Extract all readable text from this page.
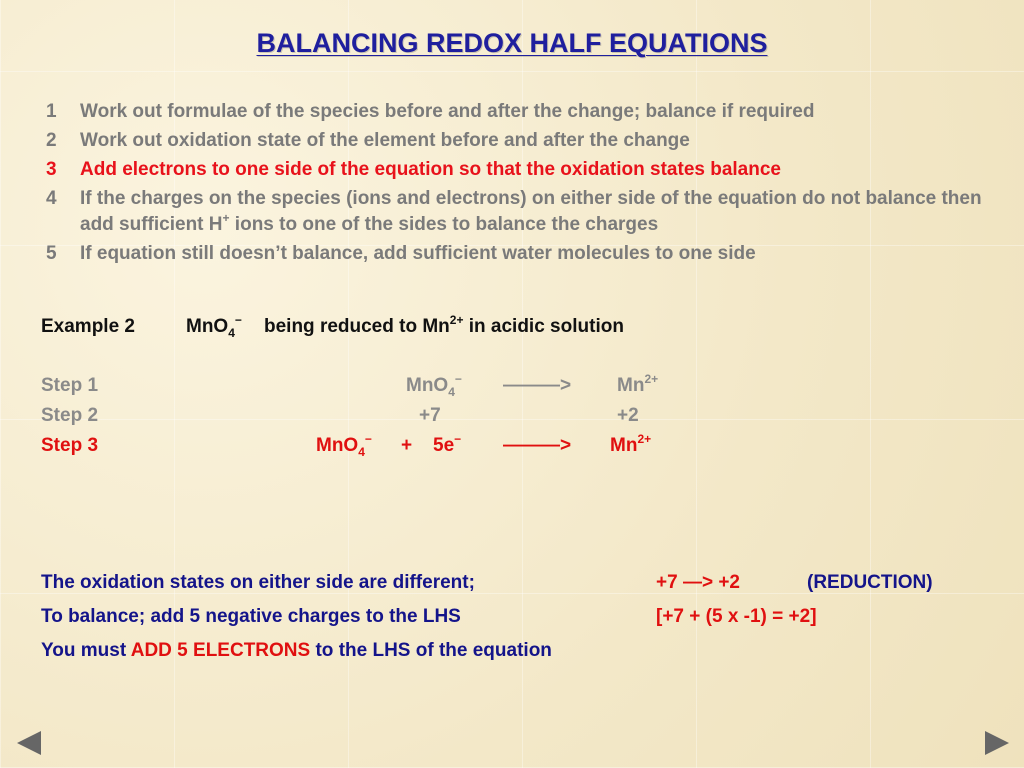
BALANCING REDOX HALF EQUATIONS
1	Work out formulae of the species before and after the change; balance if required
2	Work out oxidation state of the element before and after the change
3	Add electrons to one side of the equation so that the oxidation states balance
4	If the charges on the species (ions and electrons) on either side of the equation do not balance then add sufficient H+ ions to one of the sides to balance the charges
5	If equation still doesn’t balance, add sufficient water molecules to one side
Example 2	MnO$_4$− being reduced to $Mn^{2+}$ in acidic solution
Step 1	MnO$_4$− ———> $Mn^{2+}$
Step 2	+7	+2
Step 3	MnO$_4$− + 5e− ———> $Mn^{2+}$
The oxidation states on either side are different;	+7 —> +2	(REDUCTION)
To balance; add 5 negative charges to the LHS	[+7 + (5 x -1) = +2]
You must ADD 5 ELECTRONS to the LHS of the equation
